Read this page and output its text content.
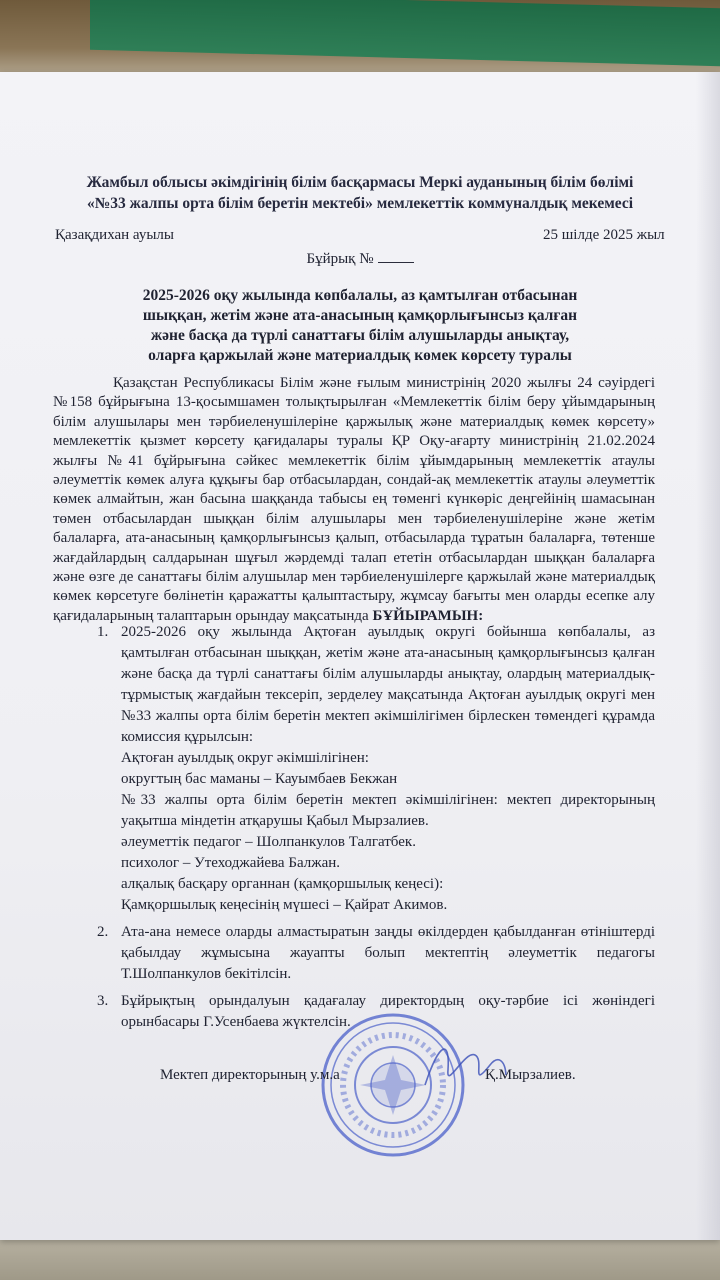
Жамбыл облысы әкімдігінің білім басқармасы Меркі ауданының білім бөлімі
«№33 жалпы орта білім беретін мектебі» мемлекеттік коммуналдық мекемесі
Қазақдихан ауылы	25 шілде 2025 жыл
Бұйрық №
2025-2026 оқу жылында көпбалалы, аз қамтылған отбасынан
шыққан, жетім және ата-анасының қамқорлығынсыз қалған
және басқа да түрлі санаттағы білім алушыларды анықтау,
оларға қаржылай және материалдық көмек көрсету туралы
Қазақстан Республикасы Білім және ғылым министрінің 2020 жылғы 24 сәуірдегі №158 бұйрығына 13-қосымшамен толықтырылған «Мемлекеттік білім беру ұйымдарының білім алушылары мен тәрбиеленушілеріне қаржылық және материалдық көмек көрсету» мемлекеттік қызмет көрсету қағидалары туралы ҚР Оқу-ағарту министрінің 21.02.2024 жылғы №41 бұйрығына сәйкес мемлекеттік білім ұйымдарының мемлекеттік атаулы әлеуметтік көмек алуға құқығы бар отбасылардан, сондай-ақ мемлекеттік атаулы әлеуметтік көмек алмайтын, жан басына шаққанда табысы ең төменгі күнкөріс деңгейінің шамасынан төмен отбасылардан шыққан білім алушылары мен тәрбиеленушілеріне және жетім балаларға, ата-анасының қамқорлығынсыз қалып, отбасыларда тұратын балаларға, төтенше жағдайлардың салдарынан шұғыл жәрдемді талап ететін отбасылардан шыққан балаларға және өзге де санаттағы білім алушылар мен тәрбиеленушілерге қаржылай және материалдық көмек көрсетуге бөлінетін қаражатты қалыптастыру, жұмсау бағыты мен оларды есепке алу қағидаларының талаптарын орындау мақсатында БҰЙЫРАМЫН:
1. 2025-2026 оқу жылында Ақтоған ауылдық округі бойынша көпбалалы, аз қамтылған отбасынан шыққан, жетім және ата-анасының қамқорлығынсыз қалған және басқа да түрлі санаттағы білім алушыларды анықтау, олардың материалдық-тұрмыстық жағдайын тексеріп, зерделеу мақсатында Ақтоған ауылдық округі мен №33 жалпы орта білім беретін мектеп әкімшілігімен бірлескен төмендегі құрамда комиссия құрылсын:
Ақтоған ауылдық округ әкімшілігінен:
округтың бас маманы – Кауымбаев Бекжан
№33 жалпы орта білім беретін мектеп әкімшілігінен: мектеп директорының уақытша міндетін атқарушы Қабыл Мырзалиев.
әлеуметтік педагог – Шолпанкулов Талгатбек.
психолог – Утеходжайева Балжан.
алқалық басқару органнан (қамқоршылық кеңесі):
Қамқоршылық кеңесінің мүшесі – Қайрат Акимов.
2. Ата-ана немесе оларды алмастыратын заңды өкілдерден қабылданған өтініштерді қабылдау жұмысына жауапты болып мектептің әлеуметтік педагогы Т.Шолпанкулов бекітілсін.
3. Бұйрықтың орындалуын қадағалау директордың оқу-тәрбие ісі жөніндегі орынбасары Г.Усенбаева жүктелсін.
Мектеп директорының у.м.а	Қ.Мырзалиев.
